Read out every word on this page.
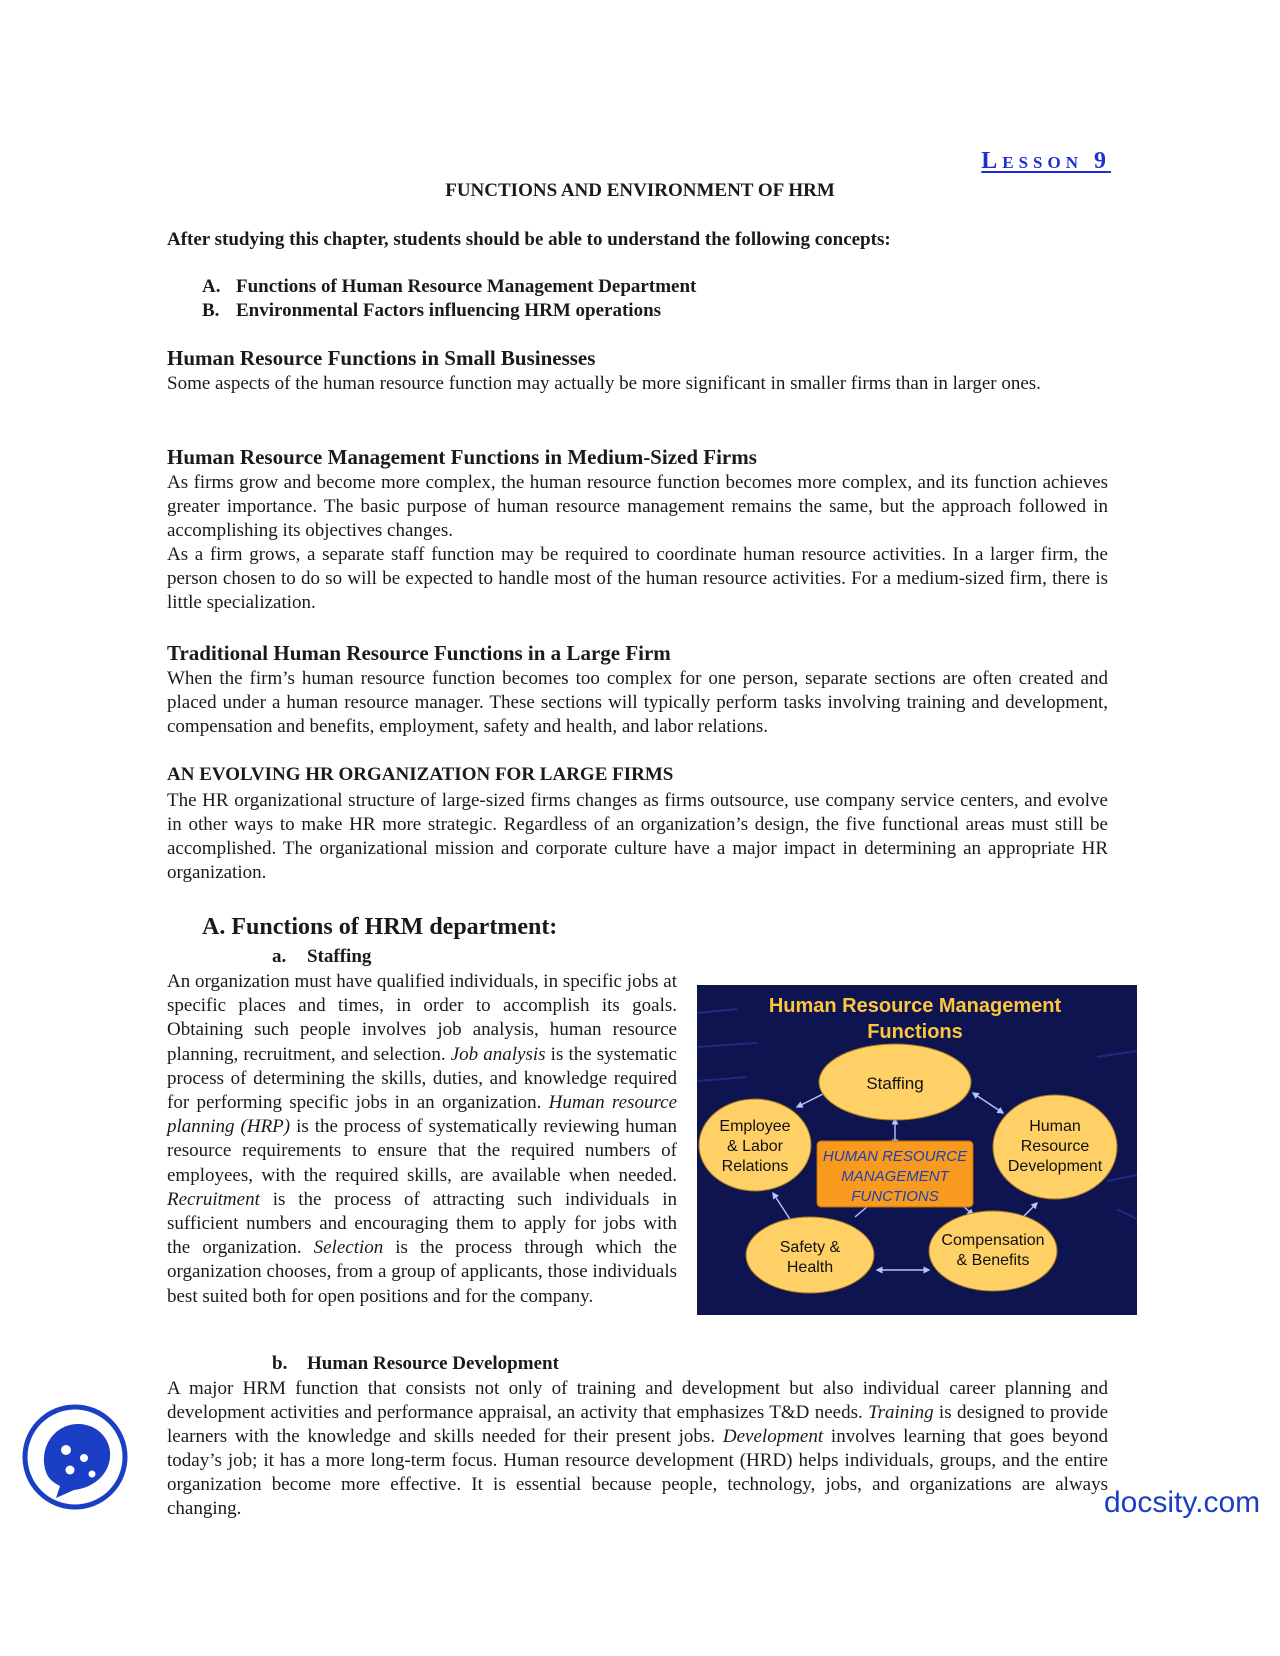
Lesson 9
FUNCTIONS AND ENVIRONMENT OF HRM
After studying this chapter, students should be able to understand the following concepts:
A. Functions of Human Resource Management Department
B. Environmental Factors influencing HRM operations
Human Resource Functions in Small Businesses
Some aspects of the human resource function may actually be more significant in smaller firms than in larger ones.
Human Resource Management Functions in Medium-Sized Firms
As firms grow and become more complex, the human resource function becomes more complex, and its function achieves greater importance. The basic purpose of human resource management remains the same, but the approach followed in accomplishing its objectives changes.
As a firm grows, a separate staff function may be required to coordinate human resource activities. In a larger firm, the person chosen to do so will be expected to handle most of the human resource activities. For a medium-sized firm, there is little specialization.
Traditional Human Resource Functions in a Large Firm
When the firm’s human resource function becomes too complex for one person, separate sections are often created and placed under a human resource manager. These sections will typically perform tasks involving training and development, compensation and benefits, employment, safety and health, and labor relations.
AN EVOLVING HR ORGANIZATION FOR LARGE FIRMS
The HR organizational structure of large-sized firms changes as firms outsource, use company service centers, and evolve in other ways to make HR more strategic. Regardless of an organization’s design, the five functional areas must still be accomplished. The organizational mission and corporate culture have a major impact in determining an appropriate HR organization.
A. Functions of HRM department:
a. Staffing
An organization must have qualified individuals, in specific jobs at specific places and times, in order to accomplish its goals. Obtaining such people involves job analysis, human resource planning, recruitment, and selection. Job analysis is the systematic process of determining the skills, duties, and knowledge required for performing specific jobs in an organization. Human resource planning (HRP) is the process of systematically reviewing human resource requirements to ensure that the required numbers of employees, with the required skills, are available when needed. Recruitment is the process of attracting such individuals in sufficient numbers and encouraging them to apply for jobs with the organization. Selection is the process through which the organization chooses, from a group of applicants, those individuals best suited both for open positions and for the company.
Human Resource Management
Functions
Staffing
Employee
& Labor
Relations
Human
Resource
Development
Safety &
Health
Compensation
& Benefits
HUMAN RESOURCE
MANAGEMENT
FUNCTIONS
b. Human Resource Development
A major HRM function that consists not only of training and development but also individual career planning and development activities and performance appraisal, an activity that emphasizes T&D needs. Training is designed to provide learners with the knowledge and skills needed for their present jobs. Development involves learning that goes beyond today’s job; it has a more long-term focus. Human resource development (HRD) helps individuals, groups, and the entire organization become more effective. It is essential because people, technology, jobs, and organizations are always changing.	docsity.com
